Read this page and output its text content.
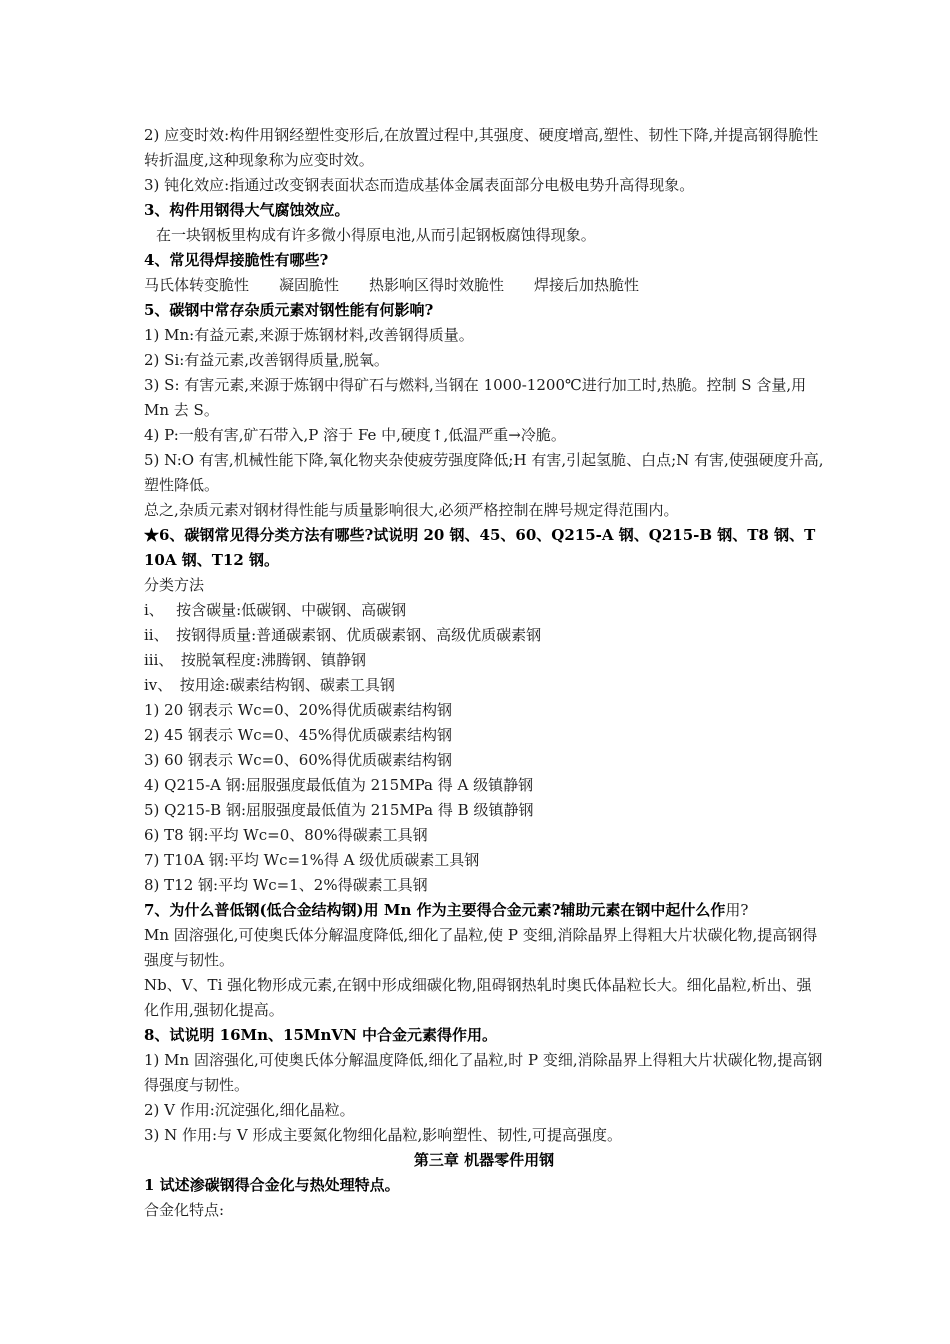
2) 应变时效:构件用钢经塑性变形后,在放置过程中,其强度、硬度增高,塑性、韧性下降,并提高钢得脆性转折温度,这种现象称为应变时效。

3) 钝化效应:指通过改变钢表面状态而造成基体金属表面部分电极电势升高得现象。

3、构件用钢得大气腐蚀效应。

在一块钢板里构成有许多微小得原电池,从而引起钢板腐蚀得现象。

4、常见得焊接脆性有哪些?

马氏体转变脆性　　凝固脆性　　热影响区得时效脆性　　焊接后加热脆性

5、碳钢中常存杂质元素对钢性能有何影响?

1) Mn:有益元素,来源于炼钢材料,改善钢得质量。

2) Si:有益元素,改善钢得质量,脱氧。

3) S: 有害元素,来源于炼钢中得矿石与燃料,当钢在 1000-1200℃进行加工时,热脆。控制 S 含量,用 Mn 去 S。

4) P:一般有害,矿石带入,P 溶于 Fe 中,硬度↑,低温严重→冷脆。

5) N:O 有害,机械性能下降,氧化物夹杂使疲劳强度降低;H 有害,引起氢脆、白点;N 有害,使强硬度升高,塑性降低。

总之,杂质元素对钢材得性能与质量影响很大,必须严格控制在牌号规定得范围内。

★6、碳钢常见得分类方法有哪些?试说明 20 钢、45、60、Q215-A 钢、Q215-B 钢、T8 钢、T10A 钢、T12 钢。

分类方法

i、　 按含碳量:低碳钢、中碳钢、高碳钢

ii、　按钢得质量:普通碳素钢、优质碳素钢、高级优质碳素钢

iii、　按脱氧程度:沸腾钢、镇静钢

iv、　按用途:碳素结构钢、碳素工具钢

1) 20 钢表示 Wc=0、20%得优质碳素结构钢

2) 45 钢表示 Wc=0、45%得优质碳素结构钢

3) 60 钢表示 Wc=0、60%得优质碳素结构钢

4) Q215-A 钢:屈服强度最低值为 215MPa 得 A 级镇静钢

5) Q215-B 钢:屈服强度最低值为 215MPa 得 B 级镇静钢

6) T8 钢:平均 Wc=0、80%得碳素工具钢

7) T10A 钢:平均 Wc=1%得 A 级优质碳素工具钢

8) T12 钢:平均 Wc=1、2%得碳素工具钢

7、为什么普低钢(低合金结构钢)用 Mn 作为主要得合金元素?辅助元素在钢中起什么作用?

Mn 固溶强化,可使奥氏体分解温度降低,细化了晶粒,使 P 变细,消除晶界上得粗大片状碳化物,提高钢得强度与韧性。

Nb、V、Ti 强化物形成元素,在钢中形成细碳化物,阻碍钢热轧时奥氏体晶粒长大。细化晶粒,析出、强化作用,强韧化提高。

8、试说明 16Mn、15MnVN 中合金元素得作用。

1) Mn 固溶强化,可使奥氏体分解温度降低,细化了晶粒,时 P 变细,消除晶界上得粗大片状碳化物,提高钢得强度与韧性。

2) V 作用:沉淀强化,细化晶粒。

3) N 作用:与 V 形成主要氮化物细化晶粒,影响塑性、韧性,可提高强度。

第三章 机器零件用钢

1 试述渗碳钢得合金化与热处理特点。

合金化特点:
